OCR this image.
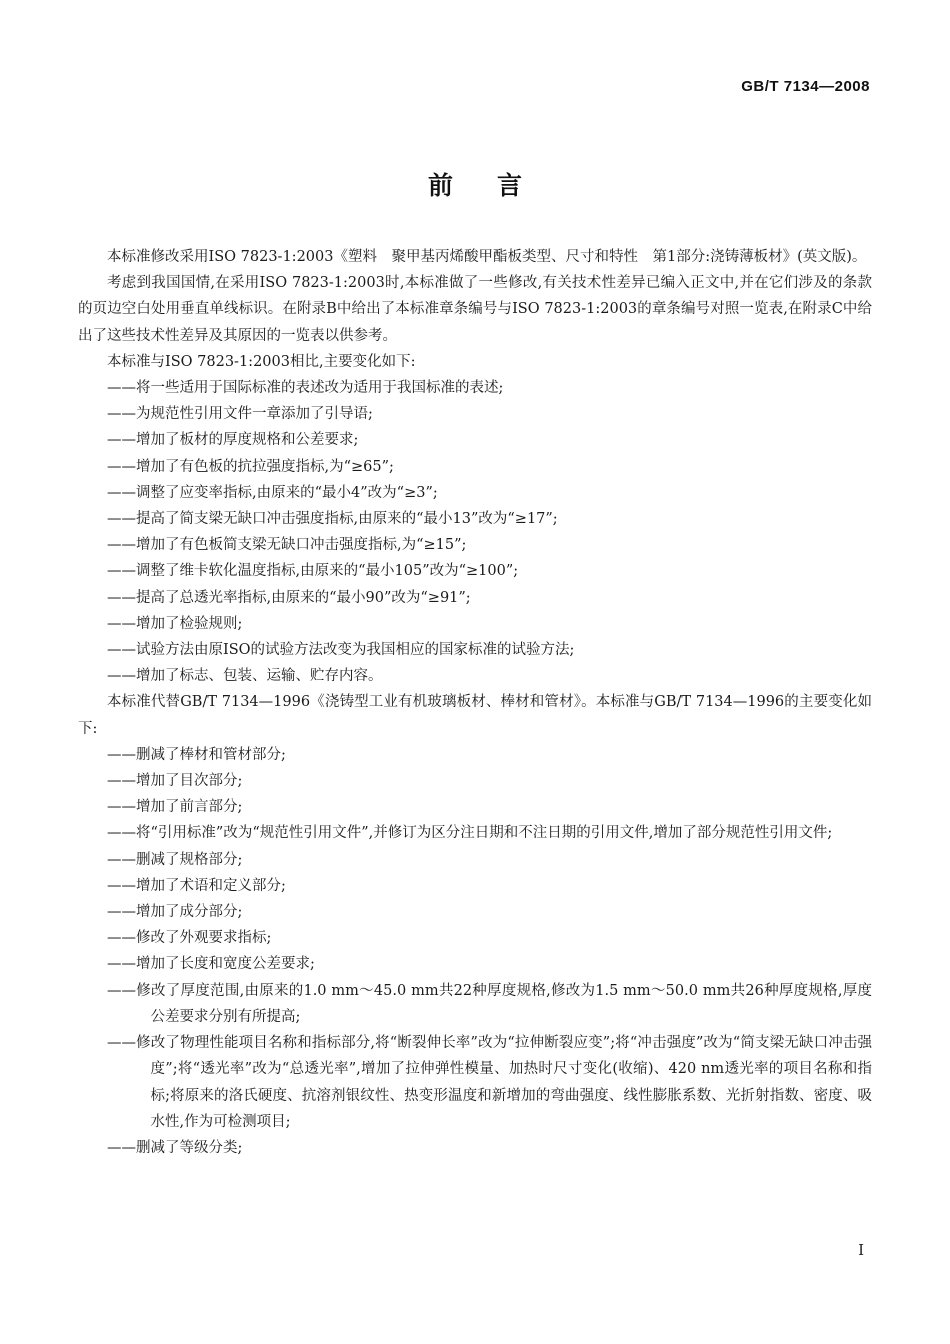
GB/T 7134—2008
前言

本标准修改采用ISO 7823-1:2003《塑料　聚甲基丙烯酸甲酯板类型、尺寸和特性　第1部分:浇铸薄板材》(英文版)。

考虑到我国国情,在采用ISO 7823-1:2003时,本标准做了一些修改,有关技术性差异已编入正文中,并在它们涉及的条款的页边空白处用垂直单线标识。在附录B中给出了本标准章条编号与ISO 7823-1:2003的章条编号对照一览表,在附录C中给出了这些技术性差异及其原因的一览表以供参考。

本标准与ISO 7823-1:2003相比,主要变化如下:

——将一些适用于国际标准的表述改为适用于我国标准的表述;

——为规范性引用文件一章添加了引导语;

——增加了板材的厚度规格和公差要求;

——增加了有色板的抗拉强度指标,为“≥65”;

——调整了应变率指标,由原来的“最小4”改为“≥3”;

——提高了简支梁无缺口冲击强度指标,由原来的“最小13”改为“≥17”;

——增加了有色板简支梁无缺口冲击强度指标,为“≥15”;

——调整了维卡软化温度指标,由原来的“最小105”改为“≥100”;

——提高了总透光率指标,由原来的“最小90”改为“≥91”;

——增加了检验规则;

——试验方法由原ISO的试验方法改变为我国相应的国家标准的试验方法;

——增加了标志、包装、运输、贮存内容。

本标准代替GB/T 7134—1996《浇铸型工业有机玻璃板材、棒材和管材》。本标准与GB/T 7134—1996的主要变化如下:

——删减了棒材和管材部分;

——增加了目次部分;

——增加了前言部分;

——将“引用标准”改为“规范性引用文件”,并修订为区分注日期和不注日期的引用文件,增加了部分规范性引用文件;

——删减了规格部分;

——增加了术语和定义部分;

——增加了成分部分;

——修改了外观要求指标;

——增加了长度和宽度公差要求;

——修改了厚度范围,由原来的1.0 mm～45.0 mm共22种厚度规格,修改为1.5 mm～50.0 mm共26种厚度规格,厚度公差要求分别有所提高;

——修改了物理性能项目名称和指标部分,将“断裂伸长率”改为“拉伸断裂应变”;将“冲击强度”改为“简支梁无缺口冲击强度”;将“透光率”改为“总透光率”,增加了拉伸弹性模量、加热时尺寸变化(收缩)、420 nm透光率的项目名称和指标;将原来的洛氏硬度、抗溶剂银纹性、热变形温度和新增加的弯曲强度、线性膨胀系数、光折射指数、密度、吸水性,作为可检测项目;

——删减了等级分类;

I
